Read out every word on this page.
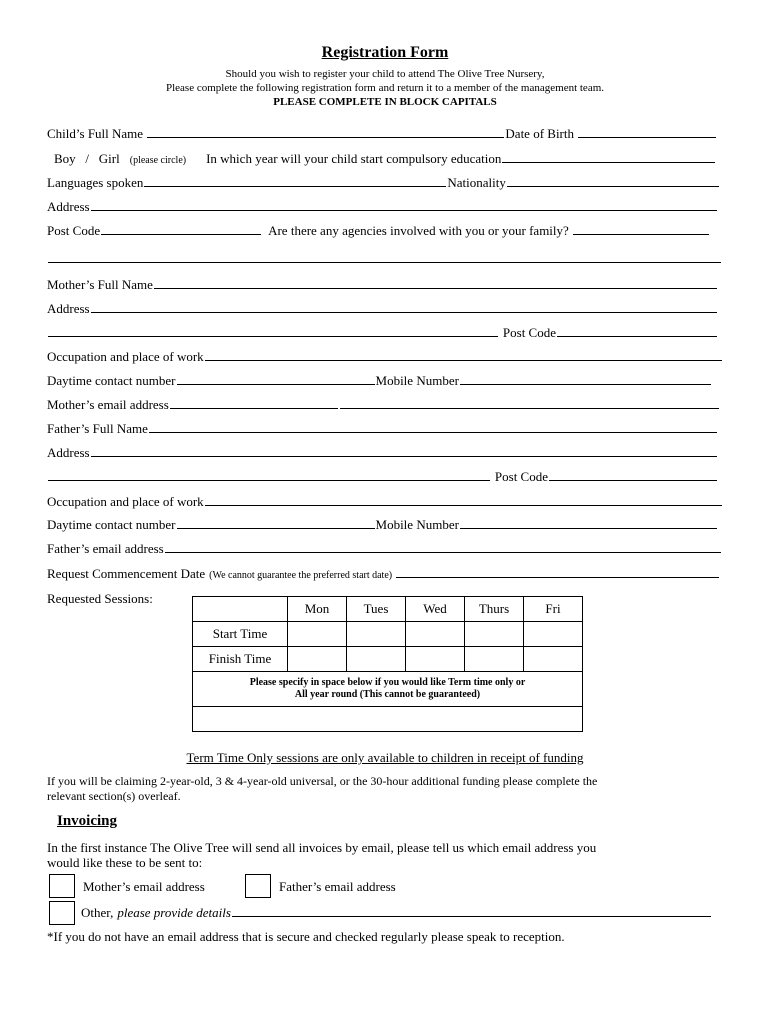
Registration Form
Should you wish to register your child to attend The Olive Tree Nursery,
Please complete the following registration form and return it to a member of the management team.
PLEASE COMPLETE IN BLOCK CAPITALS
Child’s Full Name	Date of Birth
Boy   /   Girl (please circle) In which year will your child start compulsory education
Languages spoken	Nationality
Address
Post Code	Are there any agencies involved with you or your family?
Mother’s Full Name
Address
Post Code
Occupation and place of work
Daytime contact number	Mobile Number
Mother’s email address
Father’s Full Name
Address
Post Code
Occupation and place of work
Daytime contact number	Mobile Number
Father’s email address
Request Commencement Date (We cannot guarantee the preferred start date)
Requested Sessions:
	Mon	Tues	Wed	Thurs	Fri
Start Time					
Finish Time					

Please specify in space below if you would like Term time only or
All year round (This cannot be guaranteed)					

Term Time Only sessions are only available to children in receipt of funding
If you will be claiming 2-year-old, 3 & 4-year-old universal, or the 30-hour additional funding please complete the
relevant section(s) overleaf.
Invoicing
In the first instance The Olive Tree will send all invoices by email, please tell us which email address you
would like these to be sent to:
Mother’s email address	Father’s email address
Other, please provide details
*If you do not have an email address that is secure and checked regularly please speak to reception.
